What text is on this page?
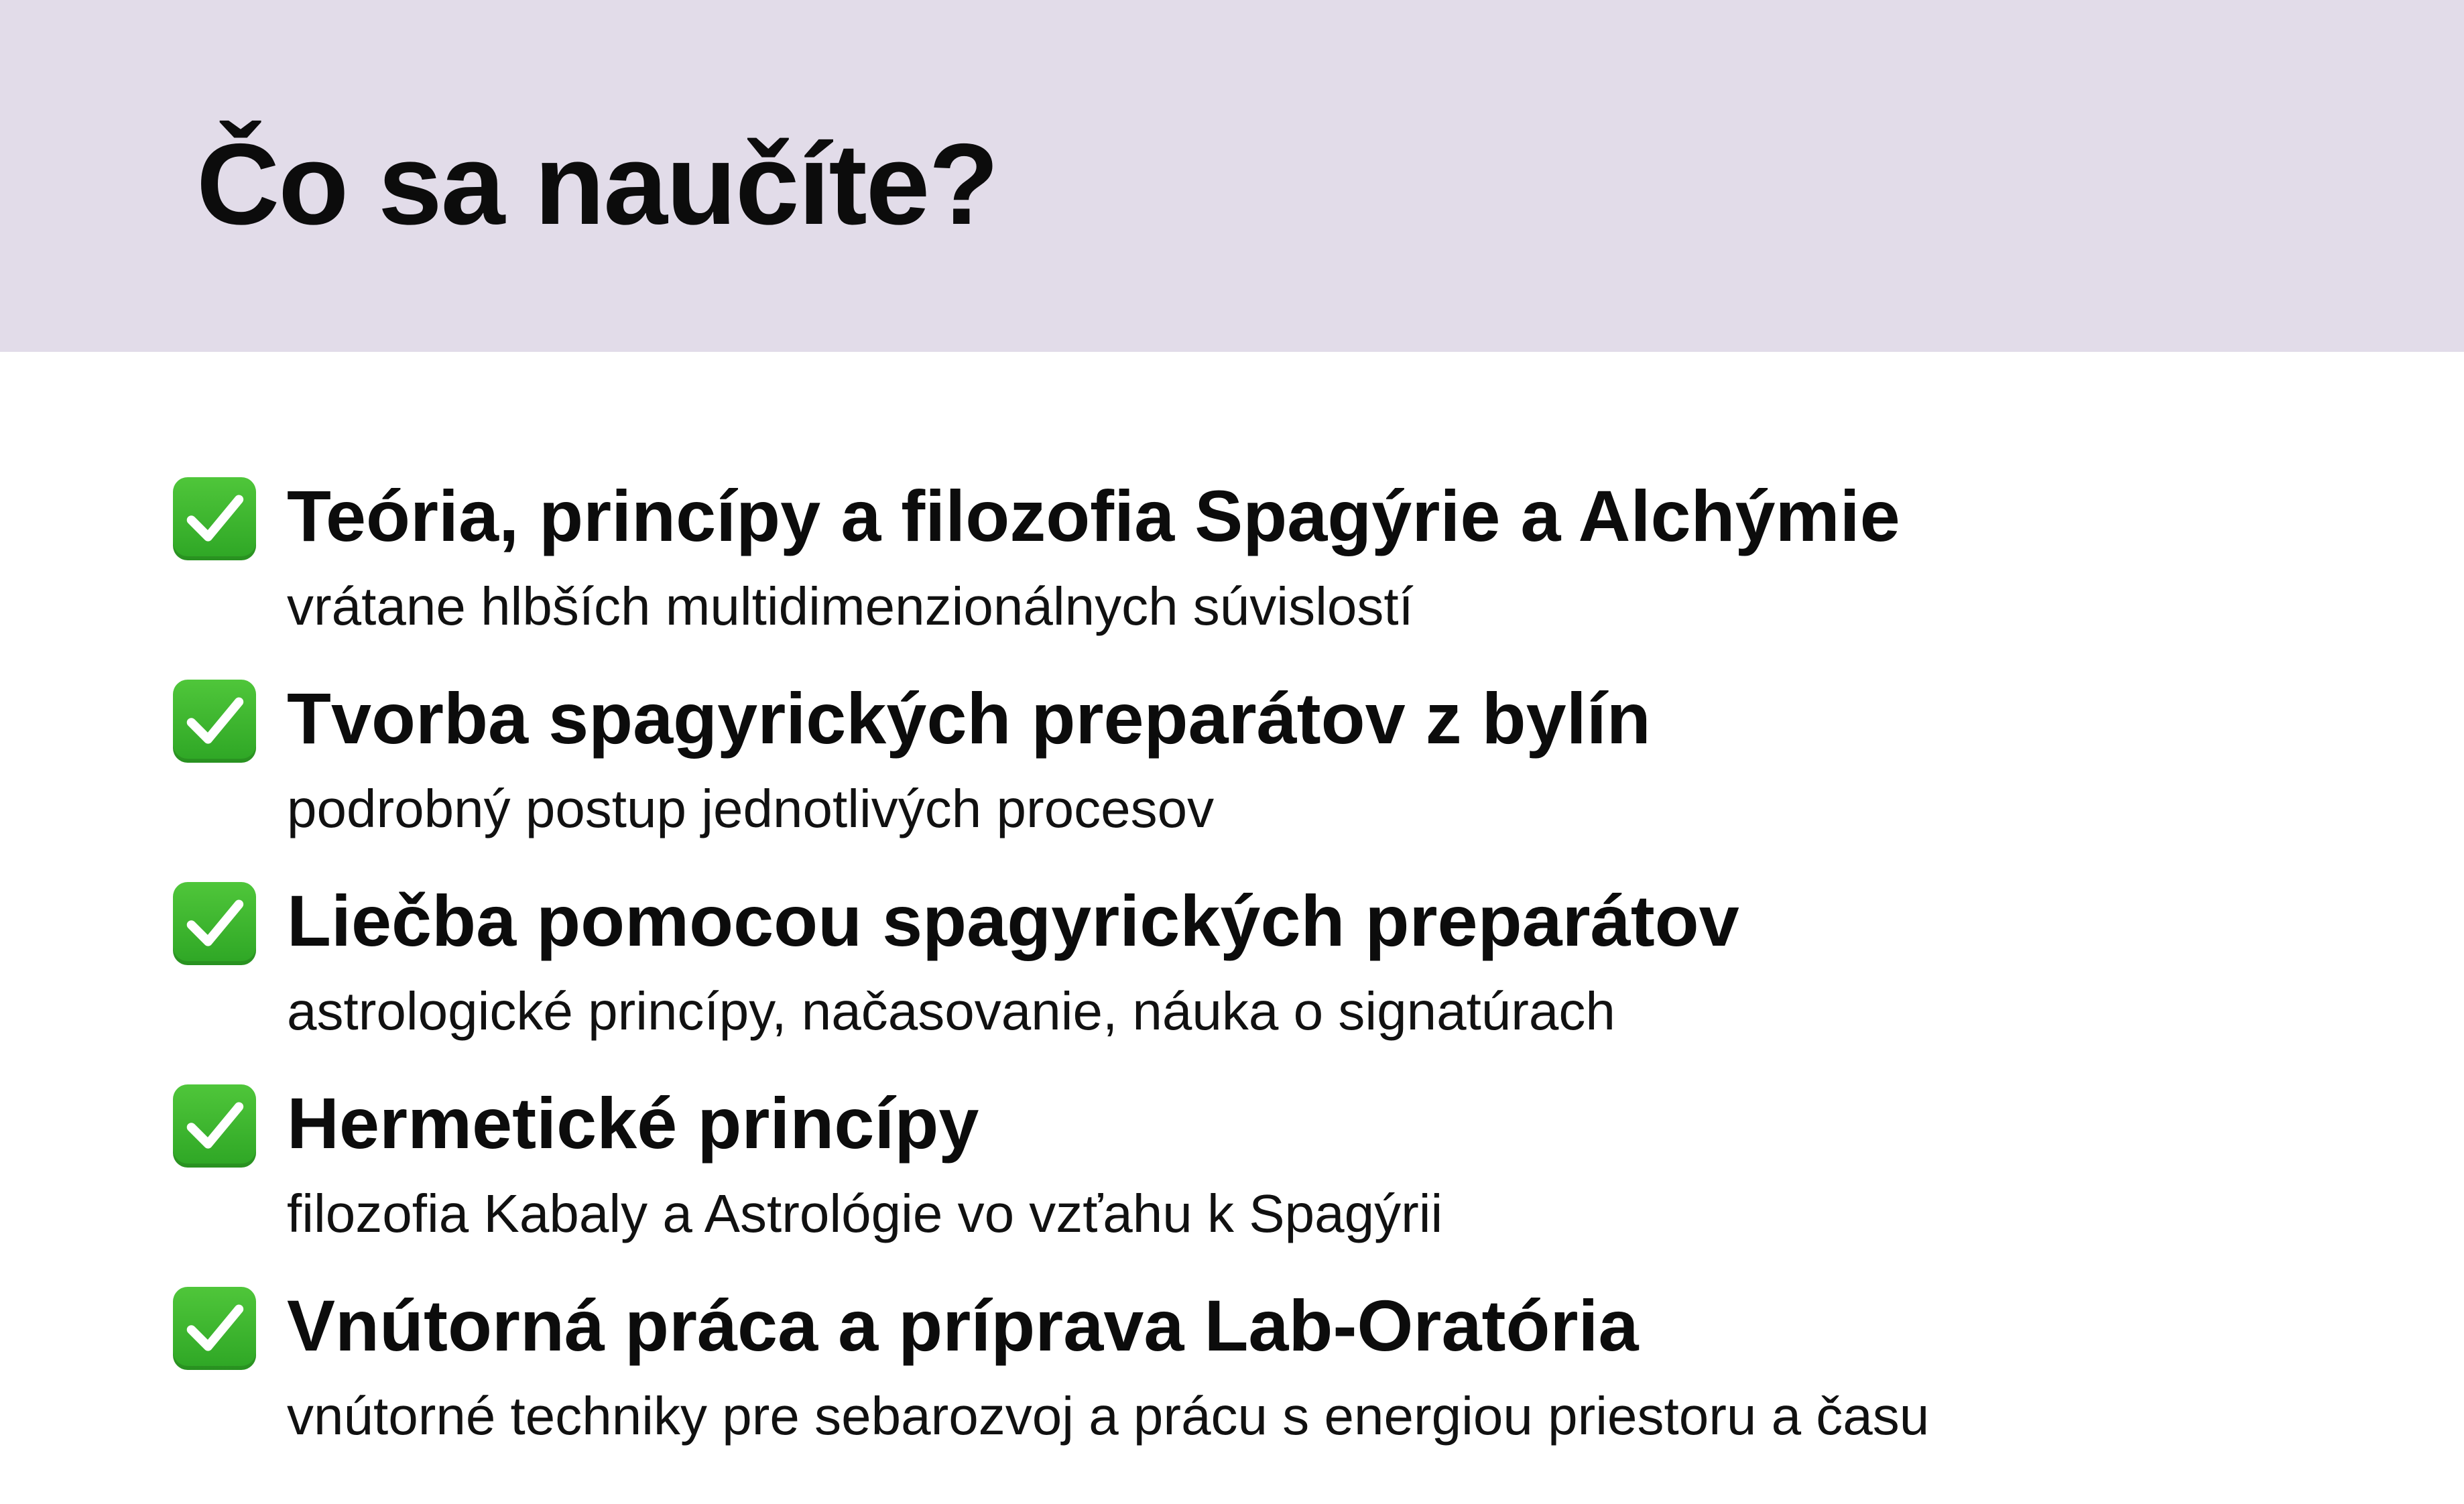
Čo sa naučíte?
Teória, princípy a filozofia Spagýrie a Alchýmie
vrátane hlbších multidimenzionálnych súvislostí
Tvorba spagyrických preparátov z bylín
podrobný postup jednotlivých procesov
Liečba pomocou spagyrických preparátov
astrologické princípy, načasovanie, náuka o signatúrach
Hermetické princípy
filozofia Kabaly a Astrológie vo vzťahu k Spagýrii
Vnútorná práca a príprava Lab-Oratória
vnútorné techniky pre sebarozvoj a prácu s energiou priestoru a času
